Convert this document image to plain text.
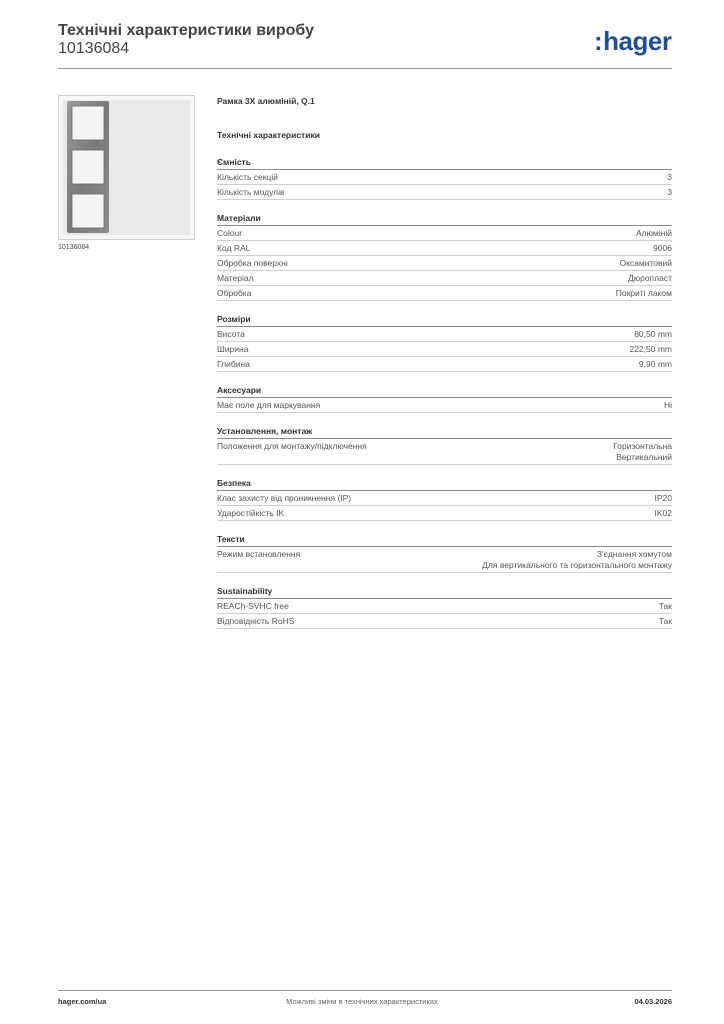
Технічні характеристики виробу
10136084	:hager
10136084
Рамка 3X алюміній, Q.1
Технічні характеристики
Ємність
Кількість секцій	3
Кількість модулів	3
Матеріали
Colour	Алюміній
Код RAL	9006
Обробка поверхні	Оксамитовий
Матеріал	Дюропласт
Обробка	Покриті лаком
Розміри
Висота	80,50 mm
Ширина	222,50 mm
Глибина	9,90 mm
Аксесуари
Має поле для маркування	Ні
Установлення, монтаж
Положення для монтажу/підключення	Горизонтальна
Вертикальний
Безпека
Клас захисту від проникнення (IP)	IP20
Ударостійкість IK	IK02
Тексти
Режим встановлення	З'єднання хомутом
Для вертикального та горизонтального монтажу
Sustainability
REACh-SVHC free	Так
Відповідність RoHS	Так
hager.com/ua	Можливі зміни в технічних характеристиках	04.03.2026
